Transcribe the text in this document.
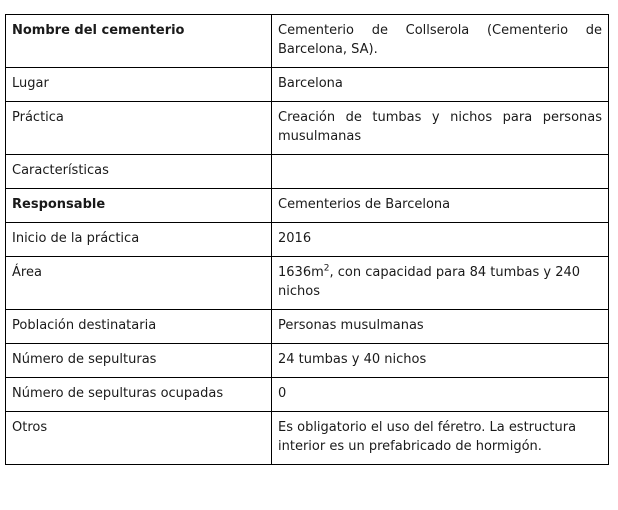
Nombre del cementerio	Cementerio de Collserola (Cementerio de Barcelona, SA).
Lugar	Barcelona
Práctica	Creación de tumbas y nichos para personas musulmanas
Características	
Responsable	Cementerios de Barcelona
Inicio de la práctica	2016
Área	$1636m^2$, con capacidad para 84 tumbas y 240 nichos
Población destinataria	Personas musulmanas
Número de sepulturas	24 tumbas y 40 nichos
Número de sepulturas ocupadas	0
Otros	Es obligatorio el uso del féretro. La estructura interior es un prefabricado de hormigón.
